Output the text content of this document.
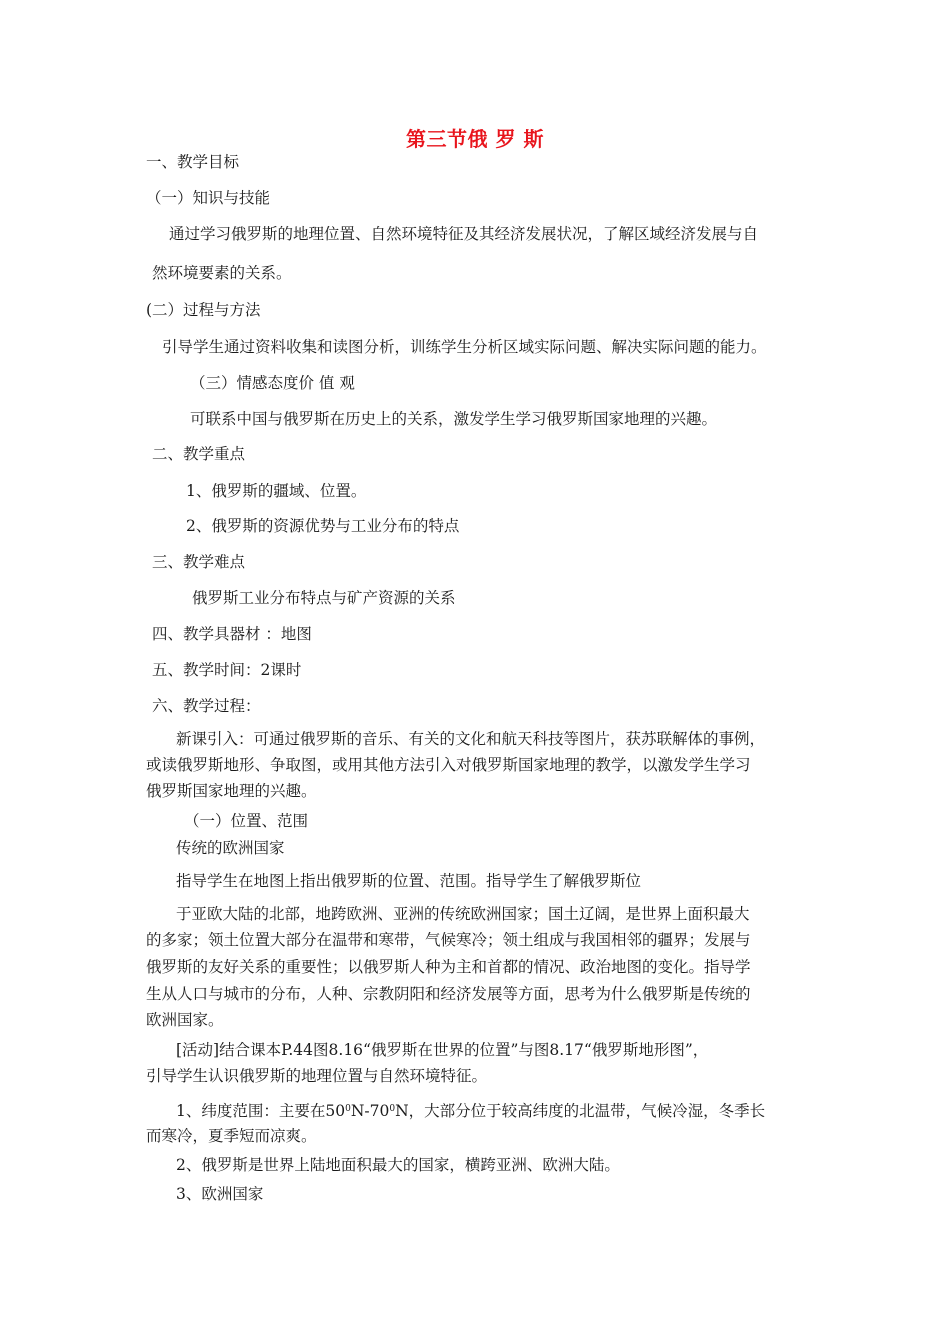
第三节俄 罗 斯
一、教学目标
（一）知识与技能
通过学习俄罗斯的地理位置、自然环境特征及其经济发展状况，了解区域经济发展与自
然环境要素的关系。
(二）过程与方法
引导学生通过资料收集和读图分析，训练学生分析区域实际问题、解决实际问题的能力。
（三）情感态度价 值 观
可联系中国与俄罗斯在历史上的关系，激发学生学习俄罗斯国家地理的兴趣。
二、教学重点
1、俄罗斯的疆域、位置。
2、俄罗斯的资源优势与工业分布的特点
三、教学难点
俄罗斯工业分布特点与矿产资源的关系
四、教学具器材 ：地图
五、教学时间：2课时
六、教学过程：
新课引入：可通过俄罗斯的音乐、有关的文化和航天科技等图片，获苏联解体的事例，
或读俄罗斯地形、争取图，或用其他方法引入对俄罗斯国家地理的教学，以激发学生学习
俄罗斯国家地理的兴趣。
（一）位置、范围
传统的欧洲国家
指导学生在地图上指出俄罗斯的位置、范围。指导学生了解俄罗斯位
于亚欧大陆的北部，地跨欧洲、亚洲的传统欧洲国家；国土辽阔，是世界上面积最大
的多家；领土位置大部分在温带和寒带，气候寒冷；领土组成与我国相邻的疆界；发展与
俄罗斯的友好关系的重要性；以俄罗斯人种为主和首都的情况、政治地图的变化。指导学
生从人口与城市的分布，人种、宗教阴阳和经济发展等方面，思考为什么俄罗斯是传统的
欧洲国家。
[活动]结合课本P.44图8.16“俄罗斯在世界的位置”与图8.17“俄罗斯地形图”，
引导学生认识俄罗斯的地理位置与自然环境特征。
1、纬度范围：主要在$50^0N-70^0N$，大部分位于较高纬度的北温带，气候冷湿，冬季长
而寒冷，夏季短而凉爽。
2、俄罗斯是世界上陆地面积最大的国家，横跨亚洲、欧洲大陆。
3、欧洲国家
